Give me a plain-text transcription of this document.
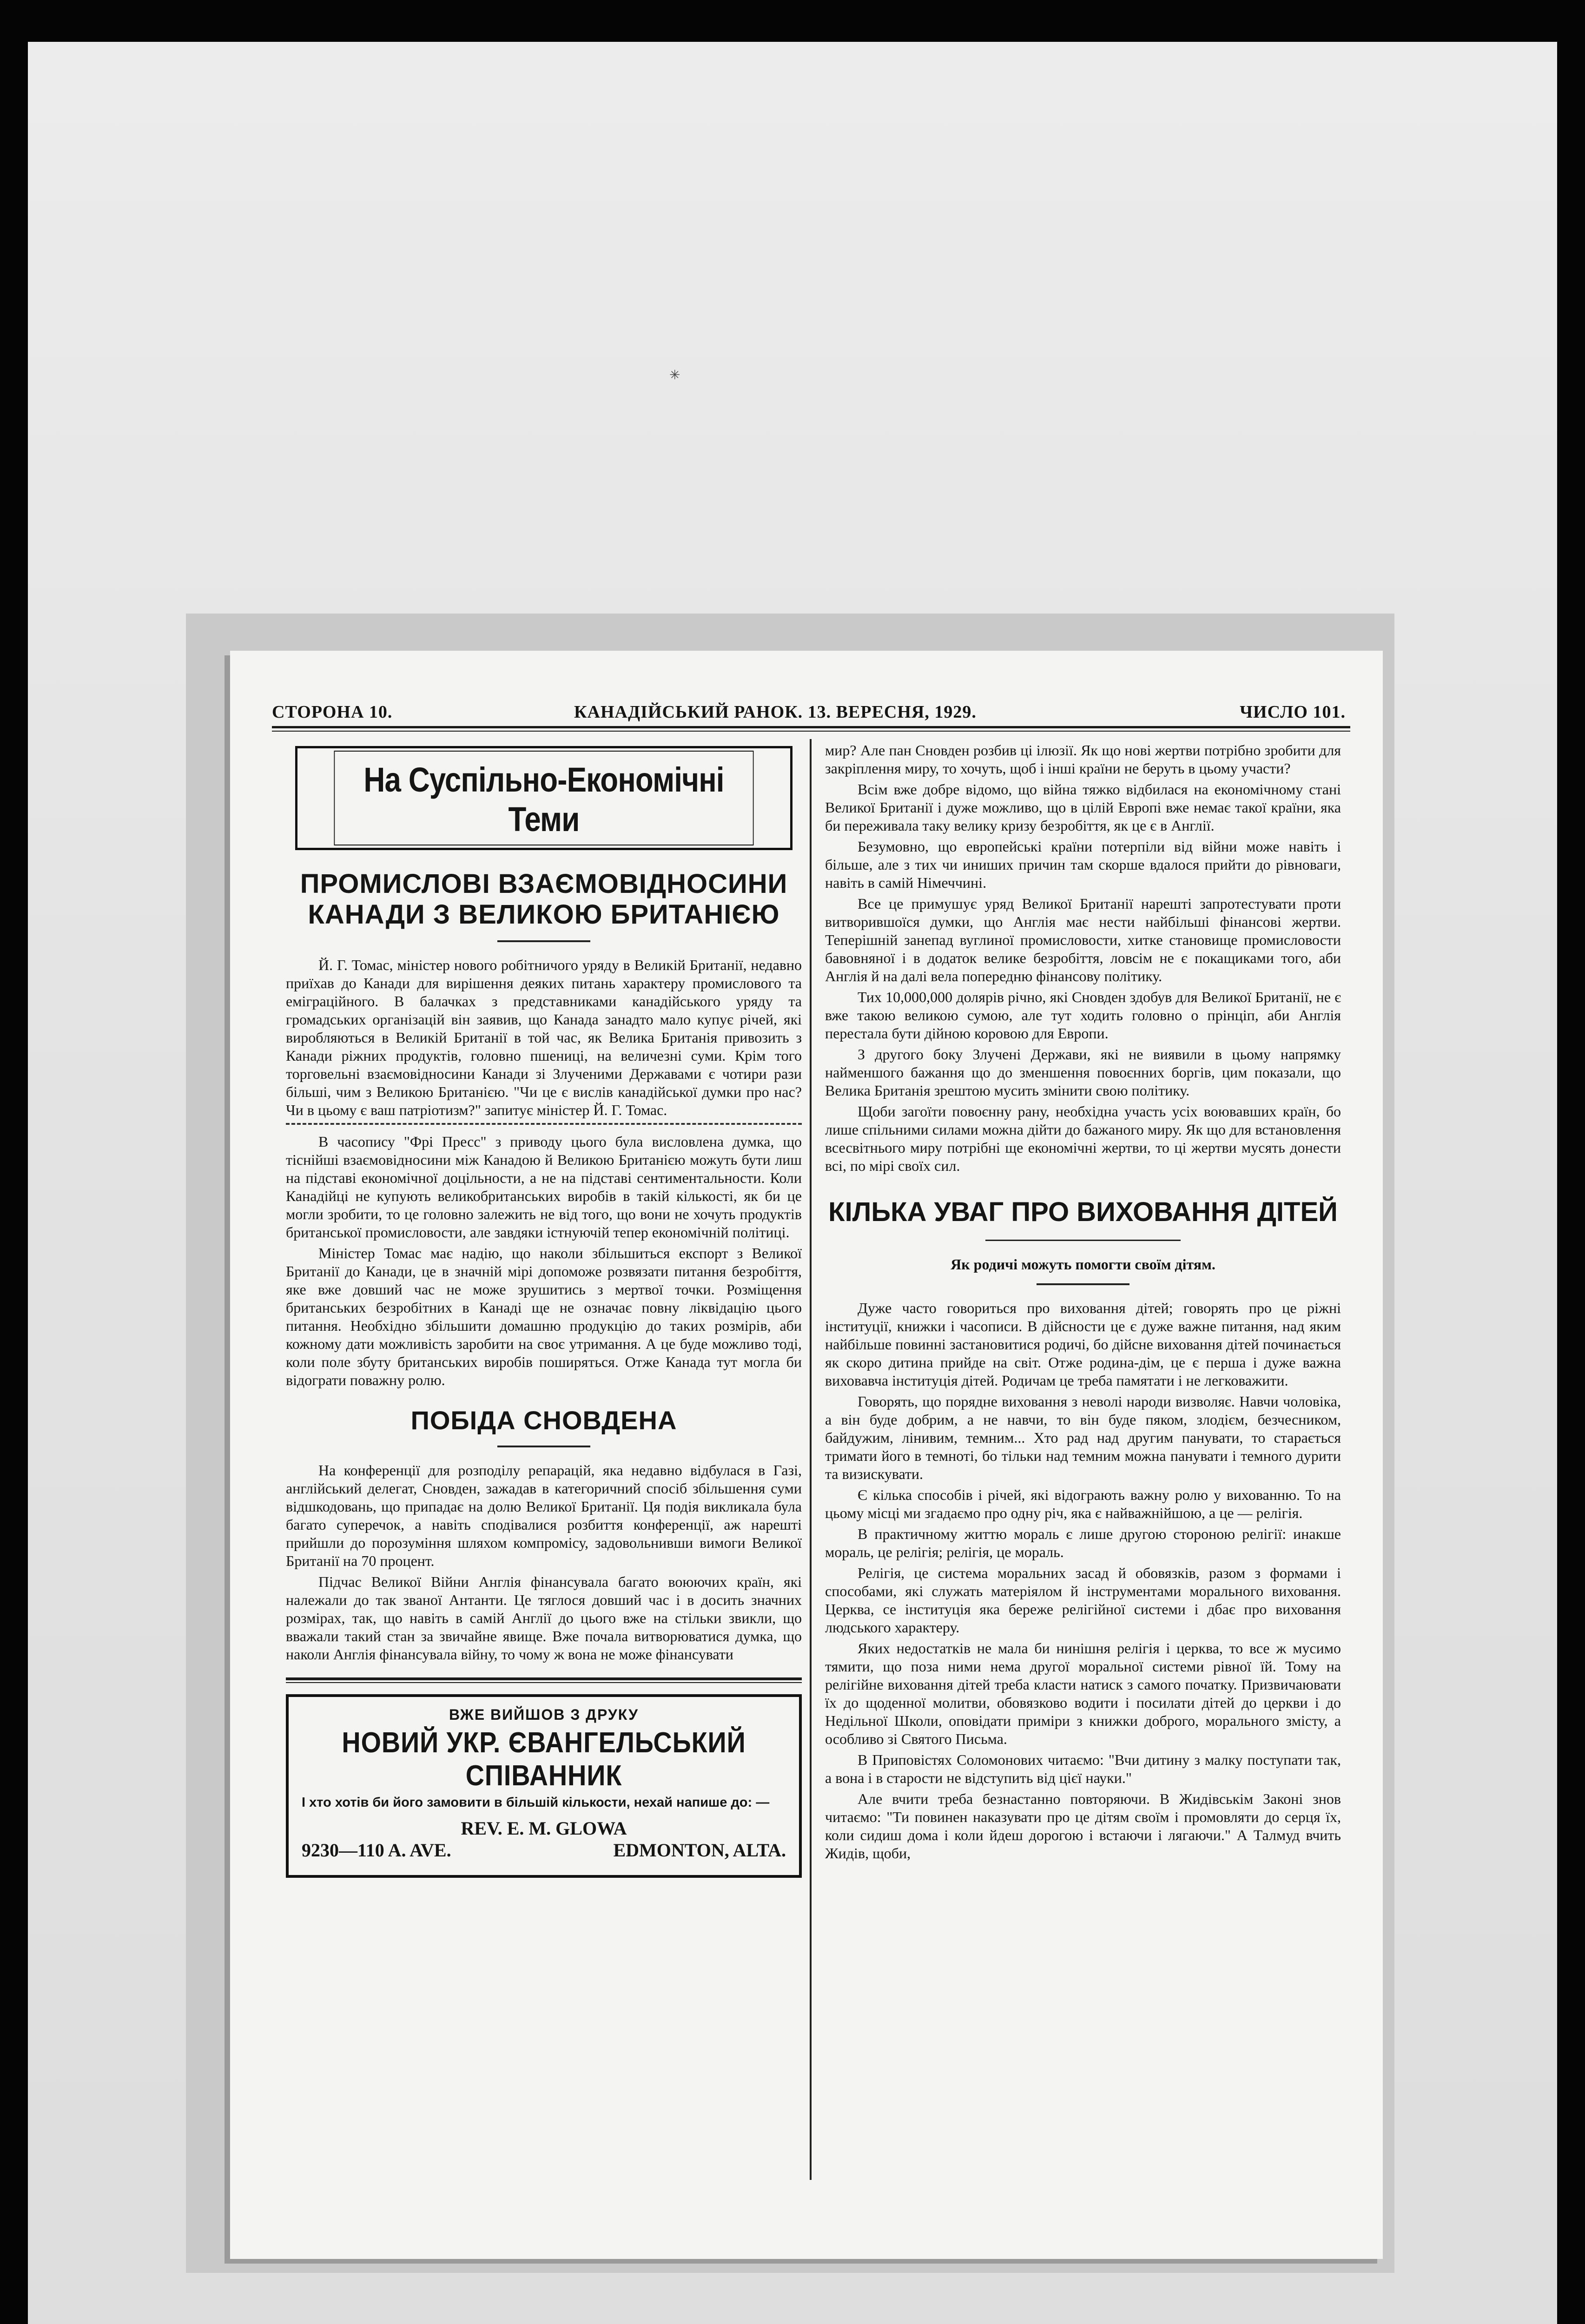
✳
СТОРОНА 10.	КАНАДІЙСЬКИЙ РАНОК. 13. ВЕРЕСНЯ, 1929.	ЧИСЛО 101.
На Суспільно-Економічні Теми
ПРОМИСЛОВІ ВЗАЄМОВІДНОСИНИ КАНАДИ З ВЕЛИКОЮ БРИТАНІЄЮ

Й. Г. Томас, міністер нового робітничого уряду в Великій Британії, недавно приїхав до Канади для вирішення деяких питань характеру промислового та еміграційного. В балачках з представниками канадійського уряду та громадських організацій він заявив, що Канада занадто мало купує річей, які виробляються в Великій Британії в той час, як Велика Британія привозить з Канади ріжних продуктів, головно пшениці, на величезні суми. Крім того торговельні взаємовідносини Канади зі Злученими Державами є чотири рази більші, чим з Великою Британією. "Чи це є вислів канадійської думки про нас? Чи в цьому є ваш патріотизм?" запитує міністер Й. Г. Томас.

В часопису "Фрі Пресс" з приводу цього була висловлена думка, що тіснійші взаємовідносини між Канадою й Великою Британією можуть бути лиш на підставі економічної доцільности, а не на підставі сентиментальности. Коли Канадійці не купують великобританських виробів в такій кількості, як би це могли зробити, то це головно залежить не від того, що вони не хочуть продуктів британської промисловости, але завдяки істнуючій тепер економічній політиці.

Міністер Томас має надію, що наколи збільшиться експорт з Великої Британії до Канади, це в значній мірі допоможе розвязати питання безробіття, яке вже довший час не може зрушитись з мертвої точки. Розміщення британських безробітних в Канаді ще не означає повну ліквідацію цього питання. Необхідно збільшити домашню продукцію до таких розмірів, аби кожному дати можливість заробити на своє утримання. А це буде можливо тоді, коли поле збуту британських виробів поширяться. Отже Канада тут могла би відограти поважну ролю.

ПОБІДА СНОВДЕНА

На конференції для розподілу репарацій, яка недавно відбулася в Газі, англійський делегат, Сновден, зажадав в категоричний спосіб збільшення суми відшкодовань, що припадає на долю Великої Британії. Ця подія викликала була багато суперечок, а навіть сподівалися розбиття конференції, аж нарешті прийшли до порозуміння шляхом компромісу, задовольнивши вимоги Великої Британії на 70 процент.

Підчас Великої Війни Англія фінансувала багато воюючих країн, які належали до так званої Антанти. Це тяглося довший час і в досить значних розмірах, так, що навіть в самій Англії до цього вже на стільки звикли, що вважали такий стан за звичайне явище. Вже почала витворюватися думка, що наколи Англія фінансувала війну, то чому ж вона не може фінансувати

ВЖЕ ВИЙШОВ З ДРУКУ
НОВИЙ УКР. ЄВАНГЕЛЬСЬКИЙ СПІВАННИК
І хто хотів би його замовити в більшій кількости, нехай напише до: —
REV. E. M. GLOWA
9230—110 A. AVE.	EDMONTON, ALTA.

мир? Але пан Сновден розбив ці ілюзії. Як що нові жертви потрібно зробити для закріплення миру, то хочуть, щоб і інші країни не беруть в цьому участи?

Всім вже добре відомо, що війна тяжко відбилася на економічному стані Великої Британії і дуже можливо, що в цілій Европі вже немає такої країни, яка би переживала таку велику кризу безробіття, як це є в Англії.

Безумовно, що европейські країни потерпіли від війни може навіть і більше, але з тих чи иниших причин там скорше вдалося прийти до рівноваги, навіть в самій Німеччині.

Все це примушує уряд Великої Британії нарешті запротестувати проти витворившоїся думки, що Англія має нести найбільші фінансові жертви. Теперішній занепад вуглиної промисловости, хитке становище промисловости бавовняної і в додаток велике безробіття, ловсім не є покащиками того, аби Англія й на далі вела попередню фінансову політику.

Тих 10,000,000 долярів річно, які Сновден здобув для Великої Британії, не є вже такою великою сумою, але тут ходить головно о прінціп, аби Англія перестала бути дійною коровою для Европи.

З другого боку Злучені Держави, які не виявили в цьому напрямку найменшого бажання що до зменшення повоєнних боргів, цим показали, що Велика Британія зрештою мусить змінити свою політику.

Щоби загоїти повоєнну рану, необхідна участь усіх воювавших країн, бо лише спільними силами можна дійти до бажаного миру. Як що для встановлення всесвітнього миру потрібні ще економічні жертви, то ці жертви мусять донести всі, по мірі своїх сил.

КІЛЬКА УВАГ ПРО ВИХОВАННЯ ДІТЕЙ
Як родичі можуть помогти своїм дітям.

Дуже часто говориться про виховання дітей; говорять про це ріжні інституції, книжки і часописи. В дійсности це є дуже важне питання, над яким найбільше повинні застановитися родичі, бо дійсне виховання дітей починається як скоро дитина прийде на світ. Отже родина-дім, це є перша і дуже важна виховавча інституція дітей. Родичам це треба памятати і не легковажити.

Говорять, що порядне виховання з неволі народи визволяє. Навчи чоловіка, а він буде добрим, а не навчи, то він буде пяком, злодієм, безчесником, байдужим, лінивим, темним... Хто рад над другим панувати, то старається тримати його в темноті, бо тільки над темним можна панувати і темного дурити та визискувати.

Є кілька способів і річей, які відограють важну ролю у вихованню. То на цьому місці ми згадаємо про одну річ, яка є найважнійшою, а це — релігія.

В практичному життю мораль є лише другою стороною релігії: инакше мораль, це релігія; релігія, це мораль.

Релігія, це система моральних засад й обовязків, разом з формами і способами, які служать матеріялом й інструментами морального виховання. Церква, се інституція яка береже релігійної системи і дбає про виховання людського характеру.

Яких недостатків не мала би нинішня релігія і церква, то все ж мусимо тямити, що поза ними нема другої моральної системи рівної їй. Тому на релігійне виховання дітей треба класти натиск з самого початку. Призвичаювати їх до щоденної молитви, обовязково водити і посилати дітей до церкви і до Недільної Школи, оповідати приміри з книжки доброго, морального змісту, а особливо зі Святого Письма.

В Приповістях Соломонових читаємо: "Вчи дитину з малку поступати так, а вона і в старости не відступить від цієї науки."

Але вчити треба безнастанно повторяючи. В Жидівськім Законі знов читаємо: "Ти повинен наказувати про це дітям своїм і промовляти до серця їх, коли сидиш дома і коли йдеш дорогою і встаючи і лягаючи." А Талмуд вчить Жидів, щоби,
